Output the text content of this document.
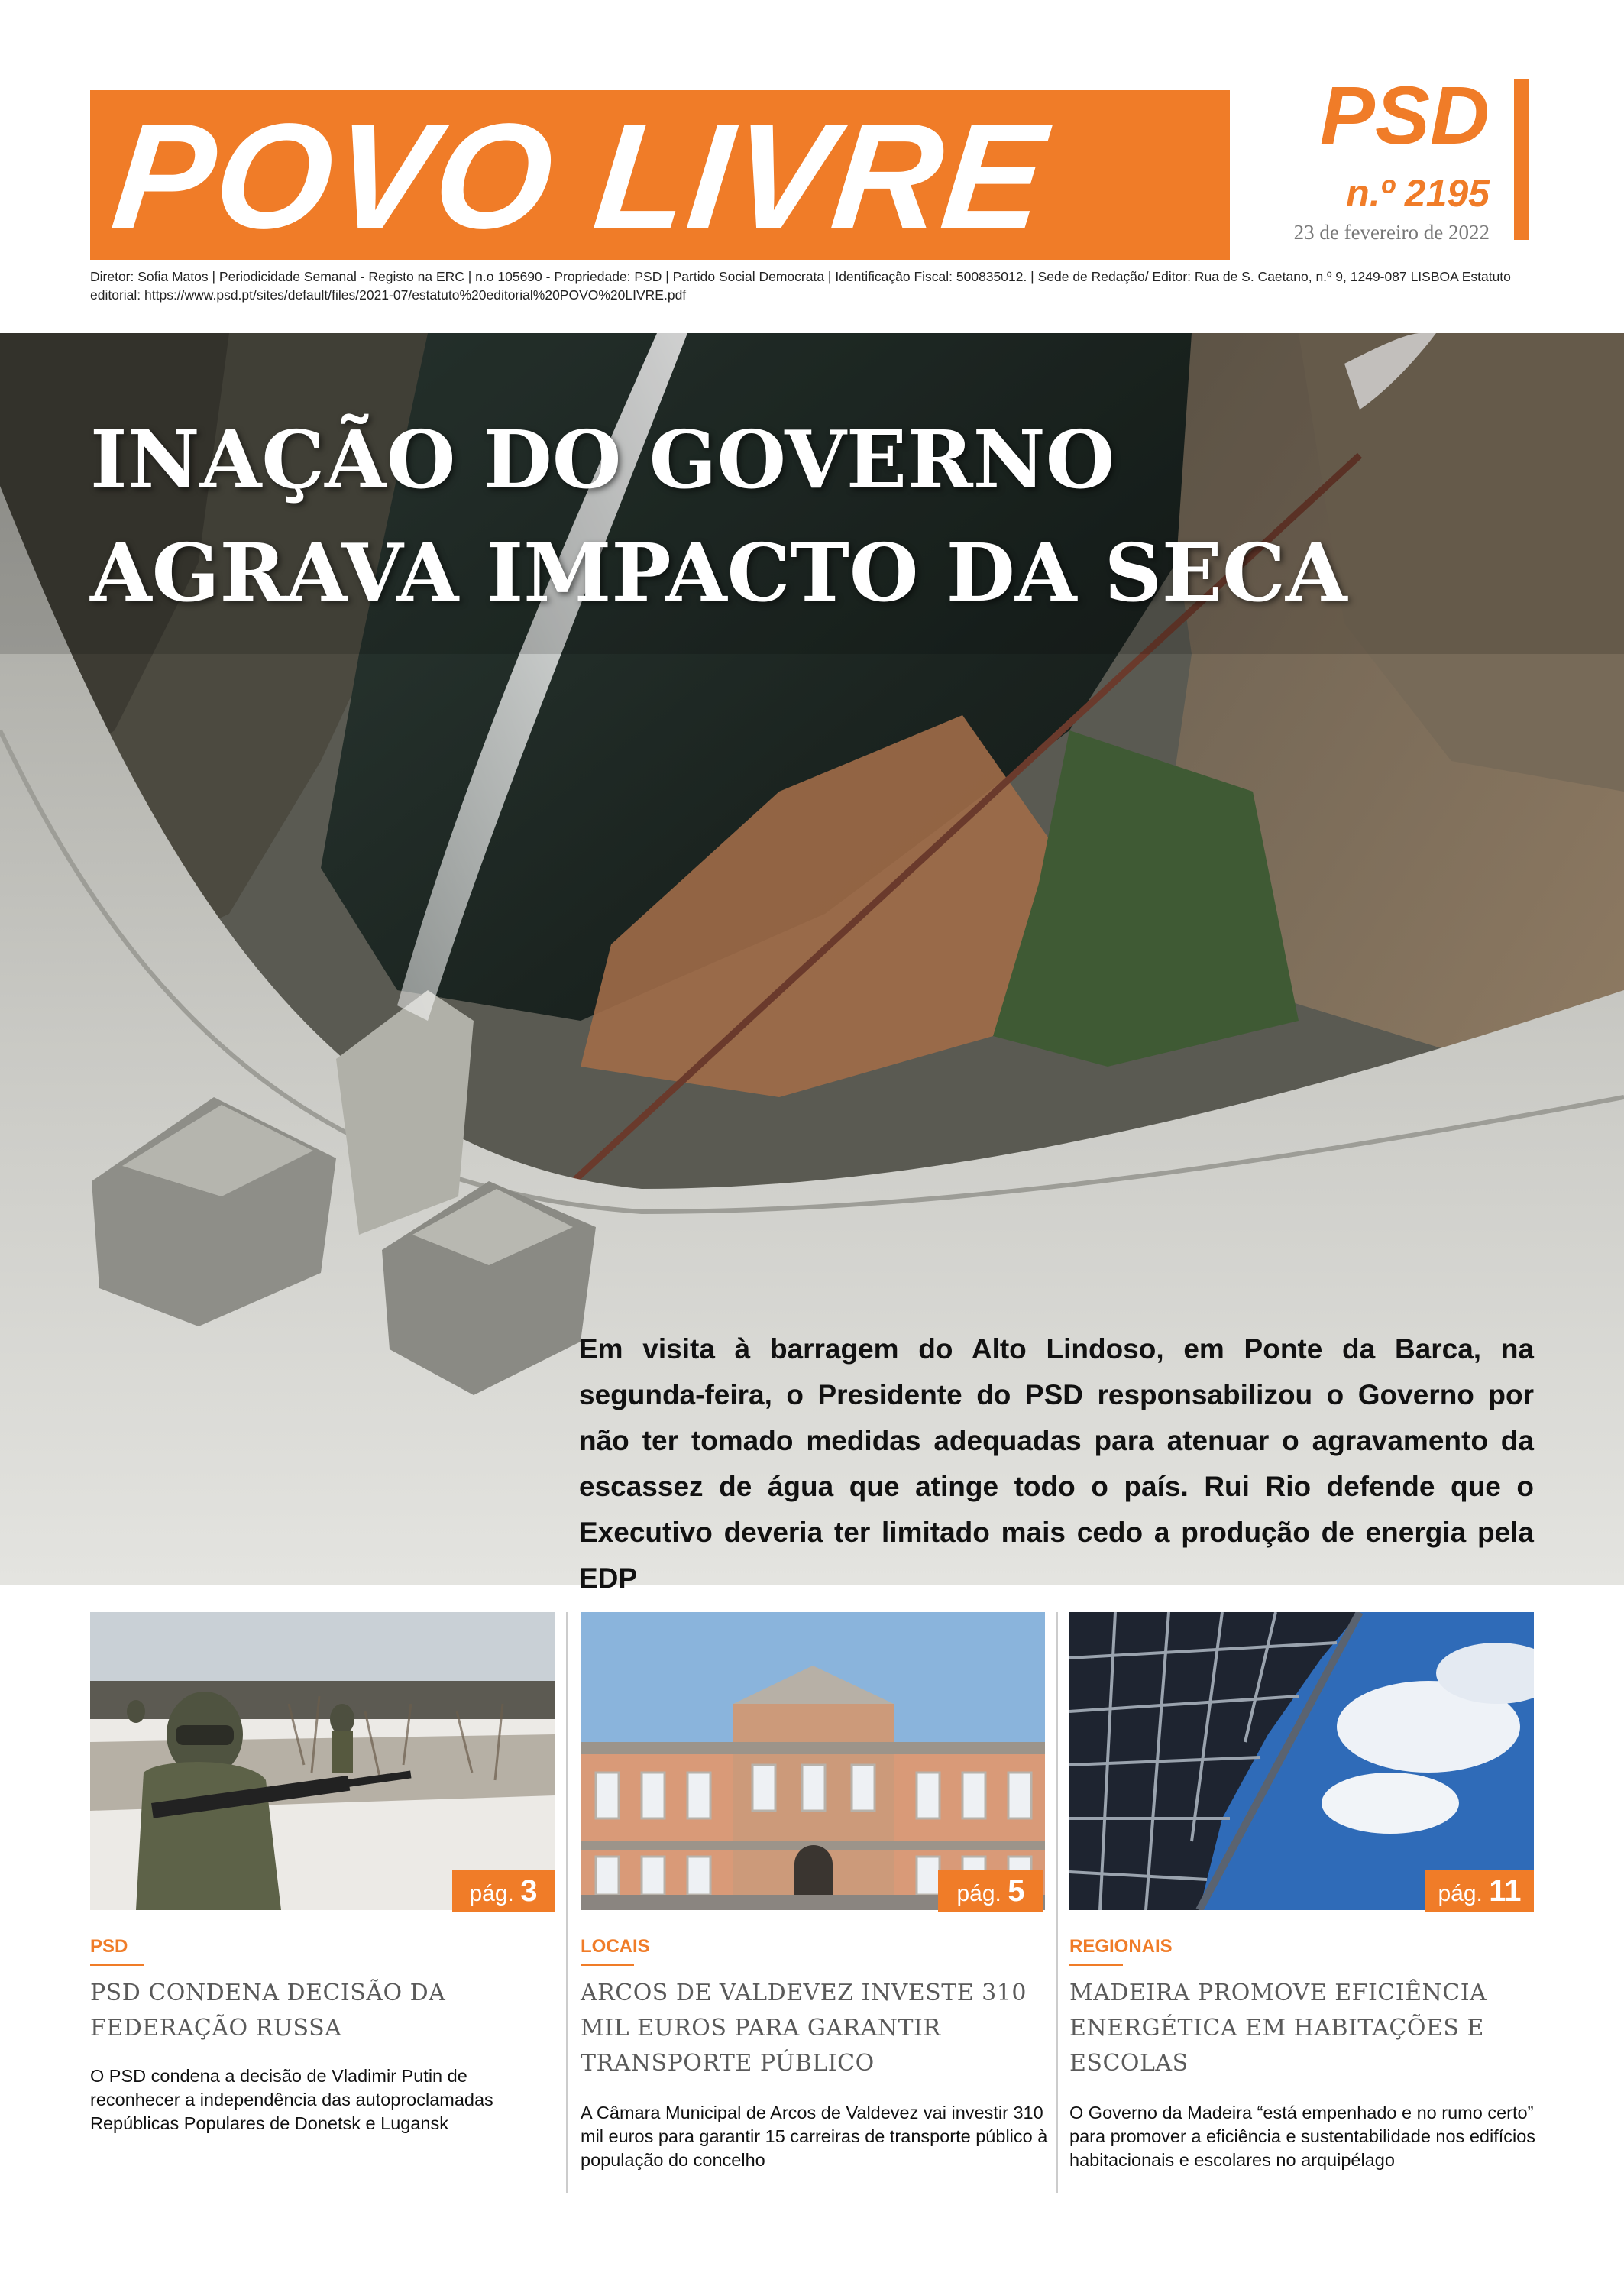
POVO LIVRE	PSD
n.º 2195
23 de fevereiro de 2022
Diretor: Sofia Matos | Periodicidade Semanal - Registo na ERC | n.o 105690 - Propriedade: PSD | Partido Social Democrata | Identificação Fiscal: 500835012. | Sede de Redação/ Editor: Rua de S. Caetano, n.º 9, 1249-087 LISBOA Estatuto editorial: https://www.psd.pt/sites/default/files/2021-07/estatuto%20editorial%20POVO%20LIVRE.pdf
INAÇÃO DO GOVERNO
AGRAVA IMPACTO DA SECA
Em visita à barragem do Alto Lindoso, em Ponte da Barca, na segunda-feira, o Presidente do PSD responsabilizou o Governo por não ter tomado medidas adequadas para atenuar o agravamento da escassez de água que atinge todo o país. Rui Rio defende que o Executivo deveria ter limitado mais cedo a produção de energia pela EDP
pág. 3
PSD
PSD CONDENA DECISÃO DA FEDERAÇÃO RUSSA
O PSD condena a decisão de Vladimir Putin de reconhecer a independência das autoproclamadas Repúblicas Populares de Donetsk e Lugansk
pág. 5
LOCAIS
ARCOS DE VALDEVEZ INVESTE 310 MIL EUROS PARA GARANTIR TRANSPORTE PÚBLICO
A Câmara Municipal de Arcos de Valdevez vai investir 310 mil euros para garantir 15 carreiras de transporte público à população do concelho
pág. 11
REGIONAIS
MADEIRA PROMOVE EFICIÊNCIA ENERGÉTICA EM HABITAÇÕES E ESCOLAS
O Governo da Madeira “está empenhado e no rumo certo” para promover a eficiência e sustentabilidade nos edifícios habitacionais e escolares no arquipélago
